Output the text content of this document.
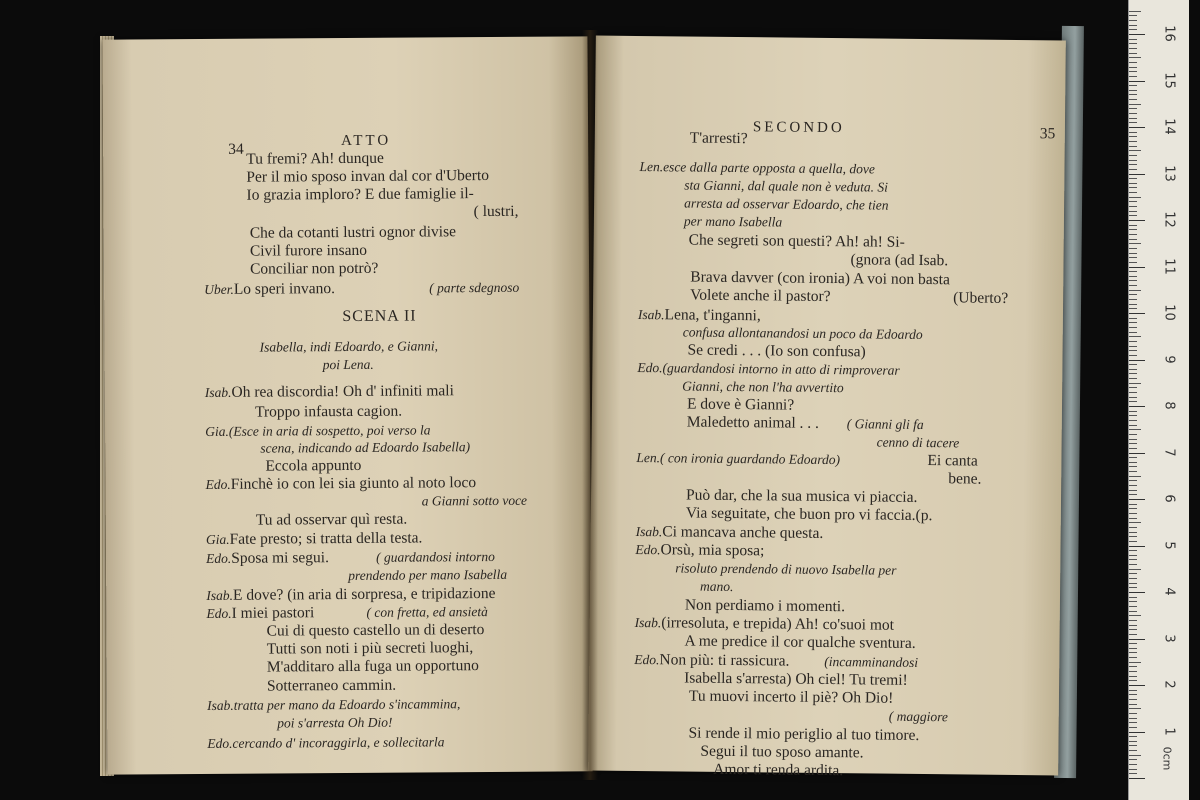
34	ATTO
Tu fremi? Ah! dunque
Per il mio sposo invan dal cor d'Uberto
Io grazia imploro? E due famiglie il-
( lustri,
Che da cotanti lustri ognor divise
Civil furore insano
Conciliar non potrò?
Uber.Lo speri invano.	( parte sdegnoso
SCENA II
Isabella, indi Edoardo, e Gianni,
poi Lena.
Isab.Oh rea discordia! Oh d' infiniti mali
Troppo infausta cagion.
Gia.(Esce in aria di sospetto, poi verso la
scena, indicando ad Edoardo Isabella)
Eccola appunto
Edo.Finchè io con lei sia giunto al noto loco
a Gianni sotto voce
Tu ad osservar quì resta.
Gia.Fate presto; si tratta della testa.
Edo.Sposa mi segui.	( guardandosi intorno
prendendo per mano Isabella
Isab.E dove? (in aria di sorpresa, e tripidazione
Edo.I miei pastori	( con fretta, ed ansietà
Cui di questo castello un di deserto
Tutti son noti i più secreti luoghi,
M'additaro alla fuga un opportuno
Sotterraneo cammin.
Isab.tratta per mano da Edoardo s'incammina,
poi s'arresta Oh Dio!
Edo.cercando d' incoraggirla, e sollecitarla
SECONDO	35
T'arresti?
Len.esce dalla parte opposta a quella, dove
sta Gianni, dal quale non è veduta. Si
arresta ad osservar Edoardo, che tien
per mano Isabella
Che segreti son questi? Ah! ah! Si-
(gnora (ad Isab.
Brava davver (con ironia) A voi non basta
Volete anche il pastor?	(Uberto?
Isab.Lena, t'inganni,
confusa allontanandosi un poco da Edoardo
Se credi . . . (Io son confusa)
Edo.(guardandosi intorno in atto di rimproverar
Gianni, che non l'ha avvertito
E dove è Gianni?
Maledetto animal . . . ( Gianni gli fa
cenno di tacere
Len.( con ironia guardando Edoardo)	Ei canta
bene.
Può dar, che la sua musica vi piaccia.
Via seguitate, che buon pro vi faccia.(p.
Isab.Ci mancava anche questa.
Edo.Orsù, mia sposa;
risoluto prendendo di nuovo Isabella per
mano.
Non perdiamo i momenti.
Isab.(irresoluta, e trepida) Ah! co'suoi mot
A me predice il cor qualche sventura.
Edo.Non più: ti rassicura.	(incamminandosi
Isabella s'arresta) Oh ciel! Tu tremi!
Tu muovi incerto il piè? Oh Dio!
( maggiore
Si rende il mio periglio al tuo timore.
Segui il tuo sposo amante.
Amor ti renda ardita.	0cm
1
2
3
4
5
6
7
8
9
10
11
12
13
14
15
16
